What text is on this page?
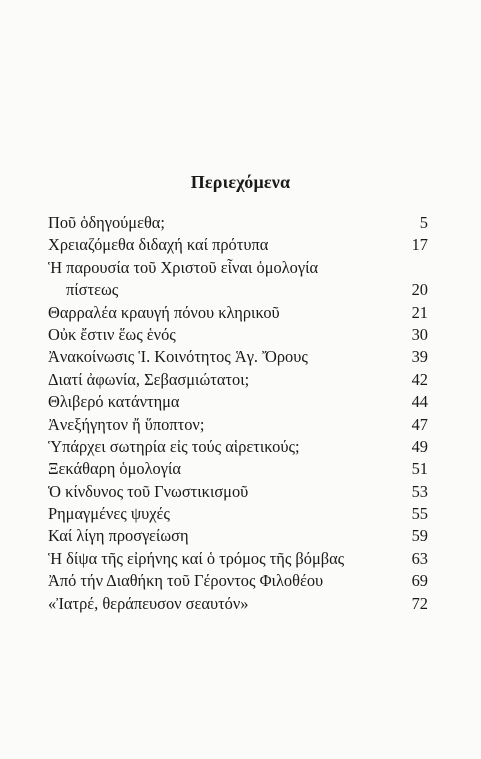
Περιεχόμενα
Ποῦ ὁδηγούμεθα;	5
Χρειαζόμεθα διδαχή καί πρότυπα	17
Ἡ παρουσία τοῦ Χριστοῦ εἶναι ὁμολογία
πίστεως	20
Θαρραλέα κραυγή πόνου κληρικοῦ	21
Οὐκ ἔστιν ἕως ἑνός	30
Ἀνακοίνωσις Ἱ. Κοινότητος Ἁγ. Ὄρους	39
Διατί ἀφωνία, Σεβασμιώτατοι;	42
Θλιβερό κατάντημα	44
Ἀνεξήγητον ἤ ὕποπτον;	47
Ὑπάρχει σωτηρία εἰς τούς αἱρετικούς;	49
Ξεκάθαρη ὁμολογία	51
Ὁ κίνδυνος τοῦ Γνωστικισμοῦ	53
Ρημαγμένες ψυχές	55
Καί λίγη προσγείωση	59
Ἡ δίψα τῆς εἰρήνης καί ὁ τρόμος τῆς βόμβας	63
Ἀπό τήν Διαθήκη τοῦ Γέροντος Φιλοθέου	69
«Ἰατρέ, θεράπευσον σεαυτόν»	72
